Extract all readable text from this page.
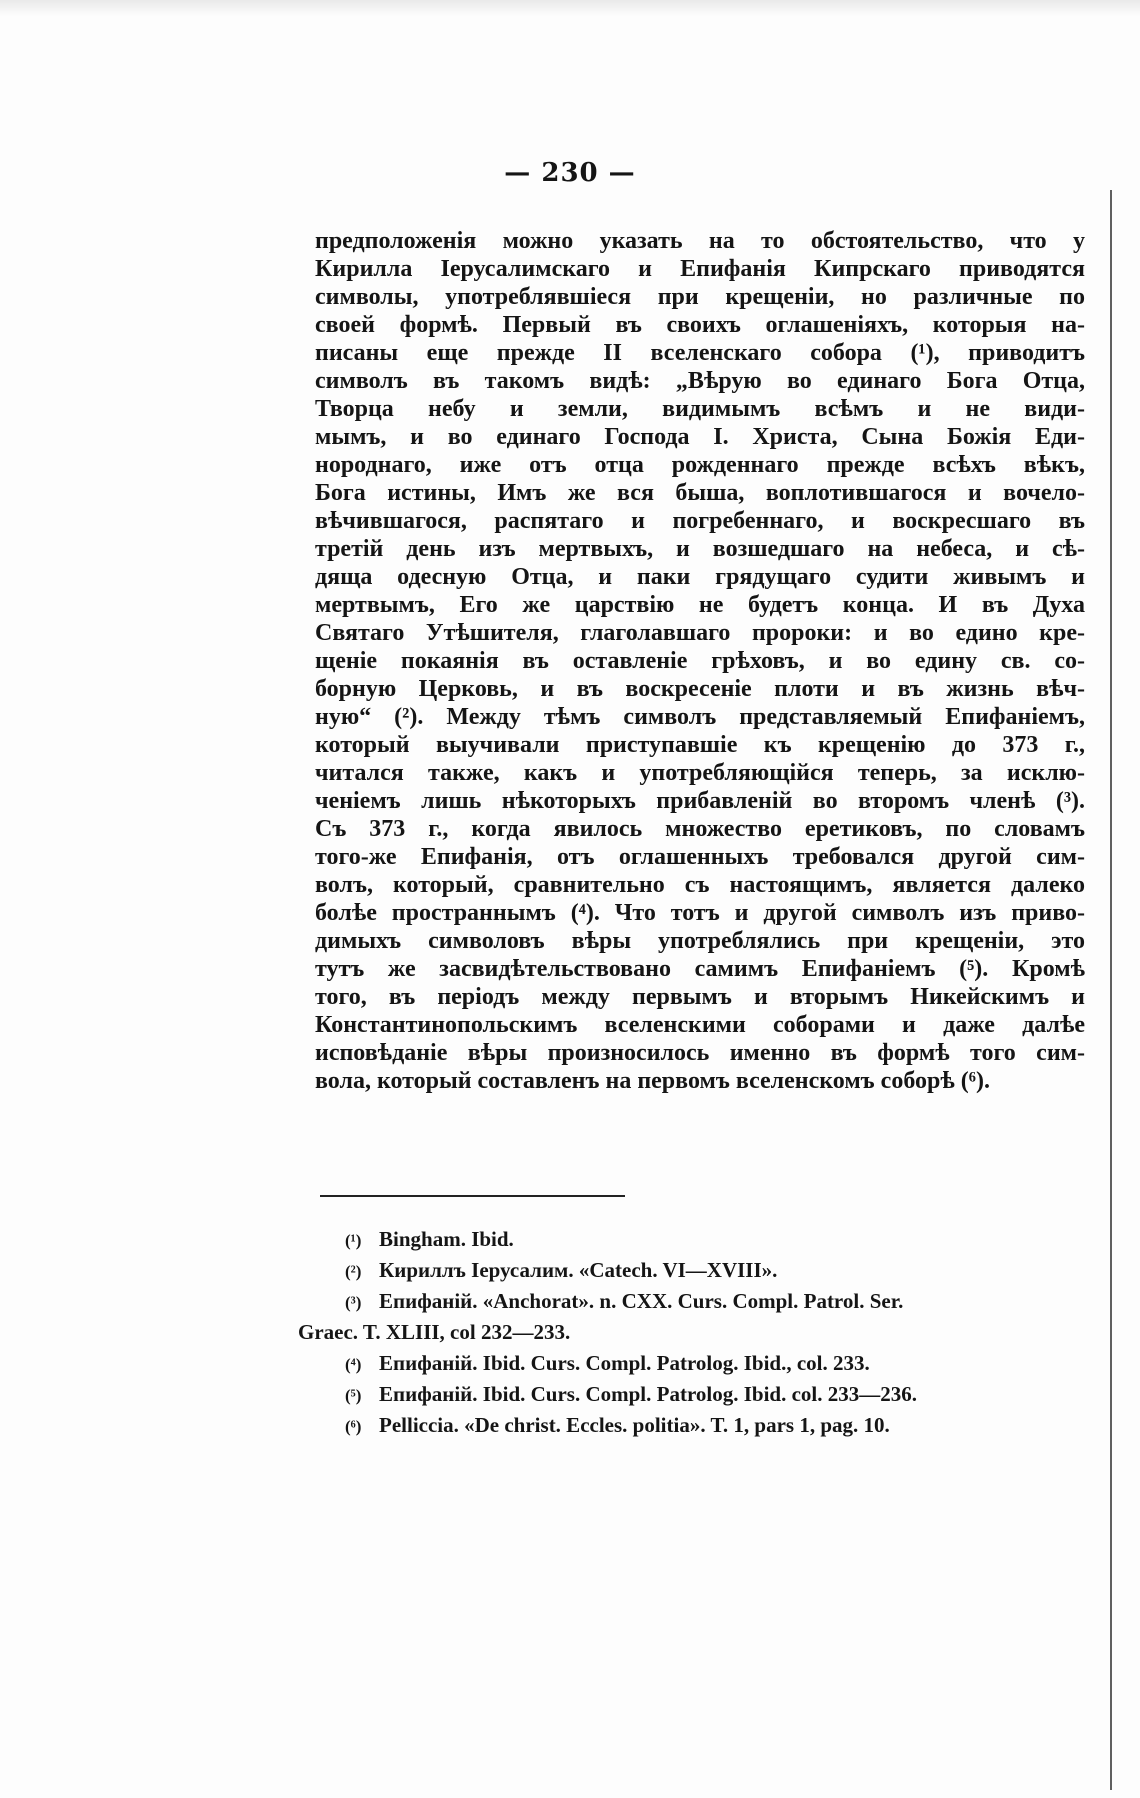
— 230 —
предположенія можно указать на то обстоятельство, что у
Кирилла Іерусалимскаго и Епифанія Кипрскаго приводятся
символы, употреблявшіеся при крещеніи, но различные по
своей формѣ. Первый въ своихъ оглашеніяхъ, которыя на-
писаны еще прежде II вселенскаго собора (¹), приводитъ
символъ въ такомъ видѣ: „Вѣрую во единаго Бога Отца,
Творца небу и земли, видимымъ всѣмъ и не види-
мымъ, и во единаго Господа І. Христа, Сына Божія Еди-
нороднаго, иже отъ отца рожденнаго прежде всѣхъ вѣкъ,
Бога истины, Имъ же вся быша, воплотившагося и вочело-
вѣчившагося, распятаго и погребеннаго, и воскресшаго въ
третій день изъ мертвыхъ, и возшедшаго на небеса, и сѣ-
дяща одесную Отца, и паки грядущаго судити живымъ и
мертвымъ, Его же царствію не будетъ конца. И въ Духа
Святаго Утѣшителя, глаголавшаго пророки: и во едино кре-
щеніе покаянія въ оставленіе грѣховъ, и во едину св. со-
борную Церковь, и въ воскресеніе плоти и въ жизнь вѣч-
ную“ (²). Между тѣмъ символъ представляемый Епифаніемъ,
который выучивали приступавшіе къ крещенію до 373 г.,
читался также, какъ и употребляющійся теперь, за исклю-
ченіемъ лишь нѣкоторыхъ прибавленій во второмъ членѣ (³).
Съ 373 г., когда явилось множество еретиковъ, по словамъ
того-же Епифанія, отъ оглашенныхъ требовался другой сим-
волъ, который, сравнительно съ настоящимъ, является далеко
болѣе пространнымъ (⁴). Что тотъ и другой символъ изъ приво-
димыхъ символовъ вѣры употреблялись при крещеніи, это
тутъ же засвидѣтельствовано самимъ Епифаніемъ (⁵). Кромѣ
того, въ періодъ между первымъ и вторымъ Никейскимъ и
Константинопольскимъ вселенскими соборами и даже далѣе
исповѣданіе вѣры произносилось именно въ формѣ того сим-
вола, который составленъ на первомъ вселенскомъ соборѣ (⁶).
(¹) Bingham. Ibid.
(²) Кириллъ Іерусалим. «Catech. VI—XVIII».
(³) Епифаній. «Anchorat». n. CXX. Curs. Compl. Patrol. Ser.
Graec. T. XLIII, col 232—233.
(⁴) Епифаній. Ibid. Curs. Compl. Patrolog. Ibid., col. 233.
(⁵) Епифаній. Ibid. Curs. Compl. Patrolog. Ibid. col. 233—236.
(⁶) Pelliccia. «De christ. Eccles. politia». T. 1, pars 1, pag. 10.
